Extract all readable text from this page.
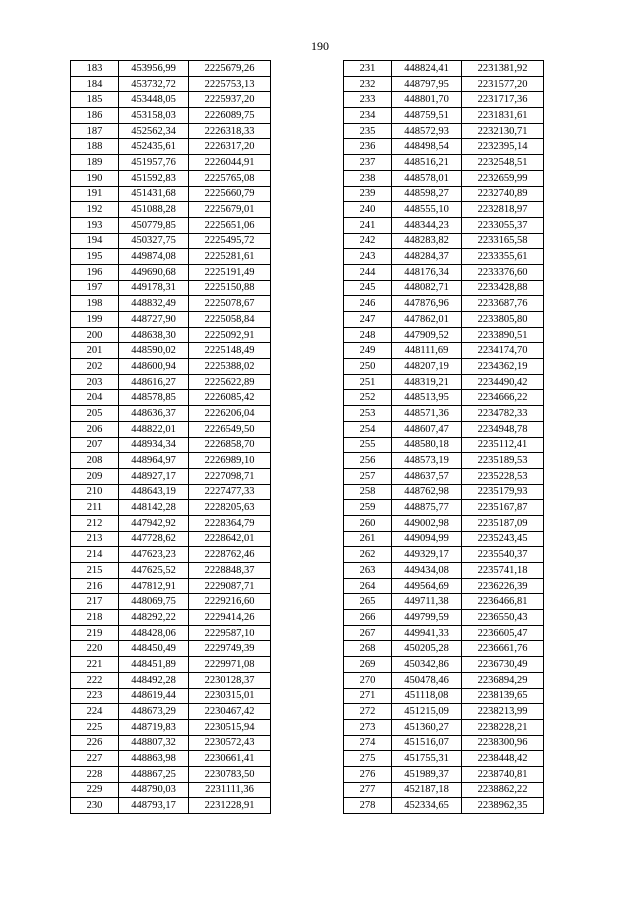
190
183	453956,99	2225679,26
184	453732,72	2225753,13
185	453448,05	2225937,20
186	453158,03	2226089,75
187	452562,34	2226318,33
188	452435,61	2226317,20
189	451957,76	2226044,91
190	451592,83	2225765,08
191	451431,68	2225660,79
192	451088,28	2225679,01
193	450779,85	2225651,06
194	450327,75	2225495,72
195	449874,08	2225281,61
196	449690,68	2225191,49
197	449178,31	2225150,88
198	448832,49	2225078,67
199	448727,90	2225058,84
200	448638,30	2225092,91
201	448590,02	2225148,49
202	448600,94	2225388,02
203	448616,27	2225622,89
204	448578,85	2226085,42
205	448636,37	2226206,04
206	448822,01	2226549,50
207	448934,34	2226858,70
208	448964,97	2226989,10
209	448927,17	2227098,71
210	448643,19	2227477,33
211	448142,28	2228205,63
212	447942,92	2228364,79
213	447728,62	2228642,01
214	447623,23	2228762,46
215	447625,52	2228848,37
216	447812,91	2229087,71
217	448069,75	2229216,60
218	448292,22	2229414,26
219	448428,06	2229587,10
220	448450,49	2229749,39
221	448451,89	2229971,08
222	448492,28	2230128,37
223	448619,44	2230315,01
224	448673,29	2230467,42
225	448719,83	2230515,94
226	448807,32	2230572,43
227	448863,98	2230661,41
228	448867,25	2230783,50
229	448790,03	2231111,36
230	448793,17	2231228,91
231	448824,41	2231381,92
232	448797,95	2231577,20
233	448801,70	2231717,36
234	448759,51	2231831,61
235	448572,93	2232130,71
236	448498,54	2232395,14
237	448516,21	2232548,51
238	448578,01	2232659,99
239	448598,27	2232740,89
240	448555,10	2232818,97
241	448344,23	2233055,37
242	448283,82	2233165,58
243	448284,37	2233355,61
244	448176,34	2233376,60
245	448082,71	2233428,88
246	447876,96	2233687,76
247	447862,01	2233805,80
248	447909,52	2233890,51
249	448111,69	2234174,70
250	448207,19	2234362,19
251	448319,21	2234490,42
252	448513,95	2234666,22
253	448571,36	2234782,33
254	448607,47	2234948,78
255	448580,18	2235112,41
256	448573,19	2235189,53
257	448637,57	2235228,53
258	448762,98	2235179,93
259	448875,77	2235167,87
260	449002,98	2235187,09
261	449094,99	2235243,45
262	449329,17	2235540,37
263	449434,08	2235741,18
264	449564,69	2236226,39
265	449711,38	2236466,81
266	449799,59	2236550,43
267	449941,33	2236605,47
268	450205,28	2236661,76
269	450342,86	2236730,49
270	450478,46	2236894,29
271	451118,08	2238139,65
272	451215,09	2238213,99
273	451360,27	2238228,21
274	451516,07	2238300,96
275	451755,31	2238448,42
276	451989,37	2238740,81
277	452187,18	2238862,22
278	452334,65	2238962,35
